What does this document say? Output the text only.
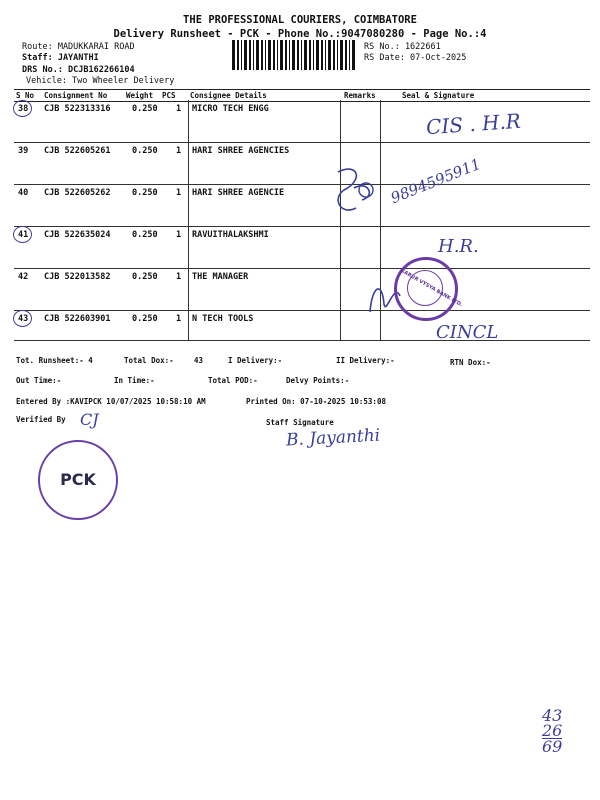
THE PROFESSIONAL COURIERS, COIMBATORE
Delivery Runsheet - PCK - Phone No.:9047080280 - Page No.:4
Route: MADUKKARAI ROAD
Staff: JAYANTHI
DRS No.: DCJB162266104
Vehicle: Two Wheeler Delivery
RS No.: 1622661
RS Date: 07-Oct-2025
S No Consignment No	Weight PCS Consignee Details	Remarks	Seal & Signature
38 CJB 522313316	0.250 1 MICRO TECH ENGG
39 CJB 522605261	0.250 1 HARI SHREE AGENCIES
40 CJB 522605262	0.250 1 HARI SHREE AGENCIE
41 CJB 522635024	0.250 1 RAVUITHALAKSHMI
42 CJB 522013582	0.250 1 THE MANAGER
43 CJB 522603901	0.250 1 N TECH TOOLS
CIS . H.R
9894595911
H.R.
CINCL
KARUR VYSYA BANK LTD.
Tot. Runsheet:- 4	Total Dox:-	43	I Delivery:-	II Delivery:-	RTN Dox:-
Out Time:-	In Time:-	Total POD:-	Delvy Points:-
Entered By :KAVIPCK 10/07/2025 10:58:10 AM	Printed On: 07-10-2025 10:53:08
Verified By CJ	Staff Signature
B. Jayanthi
PCK
43
26
69
